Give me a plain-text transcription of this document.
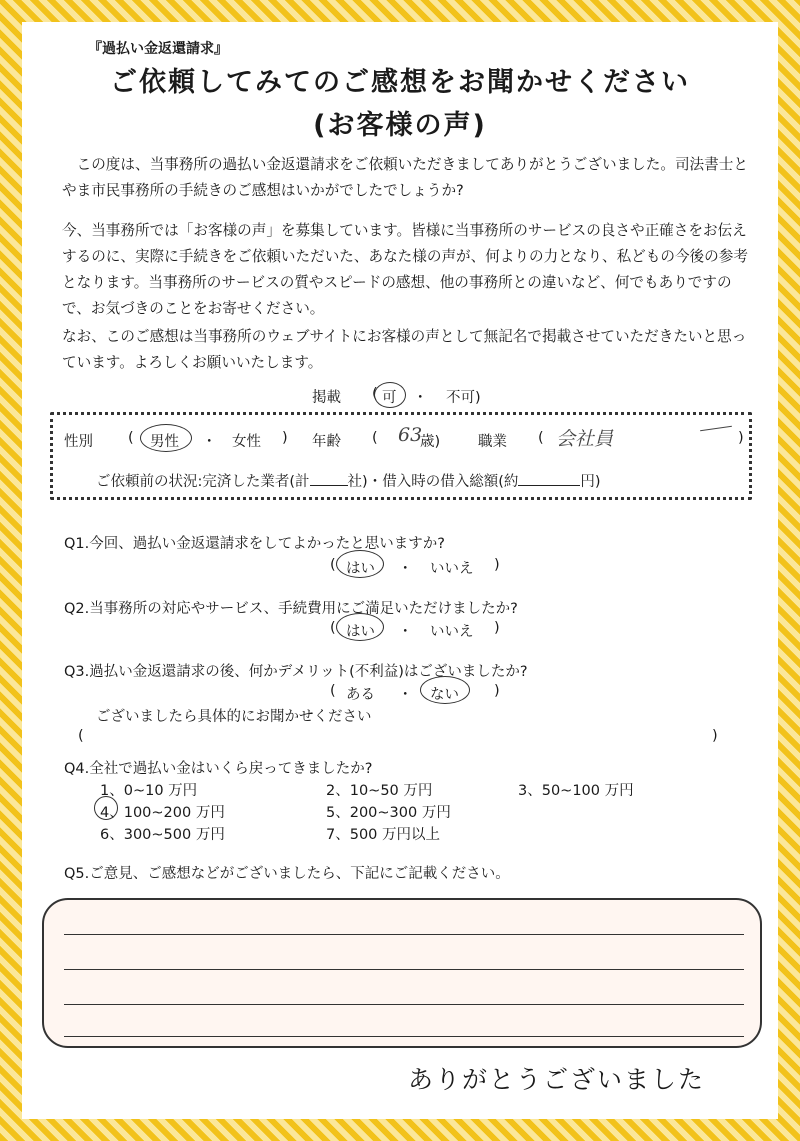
『過払い金返還請求』
ご依頼してみてのご感想をお聞かせください
(お客様の声)
この度は、当事務所の過払い金返還請求をご依頼いただきましてありがとうございました。司法書士とやま市民事務所の手続きのご感想はいかがでしたでしょうか?
今、当事務所では「お客様の声」を募集しています。皆様に当事務所のサービスの良さや正確さをお伝えするのに、実際に手続きをご依頼いただいた、あなた様の声が、何よりの力となり、私どもの今後の参考となります。当事務所のサービスの質やスピードの感想、他の事務所との違いなど、何でもありですので、お気づきのことをお寄せください。
なお、このご感想は当事務所のウェブサイトにお客様の声として無記名で掲載させていただきたいと思っています。よろしくお願いいたします。
掲載 ( 可 ・ 不可)
性別 ( 男性 ・ 女性 ) 年齢 ( 63
歳)	職業 ( 会社員	)
ご依頼前の状況:完済した業者(計	社)・借入時の借入総額(約	円)
Q1.今回、過払い金返還請求をしてよかったと思いますか?
( はい ・ いいえ )
Q2.当事務所の対応やサービス、手続費用にご満足いただけましたか?
( はい ・ いいえ )
Q3.過払い金返還請求の後、何かデメリット(不利益)はございましたか?
( ある ・ ない )
ございましたら具体的にお聞かせください
(	)
Q4.全社で過払い金はいくら戻ってきましたか?
1、0~10 万円	2、10~50 万円	3、50~100 万円
4、100~200 万円	5、200~300 万円
6、300~500 万円	7、500 万円以上
Q5.ご意見、ご感想などがございましたら、下記にご記載ください。
ありがとうございました
